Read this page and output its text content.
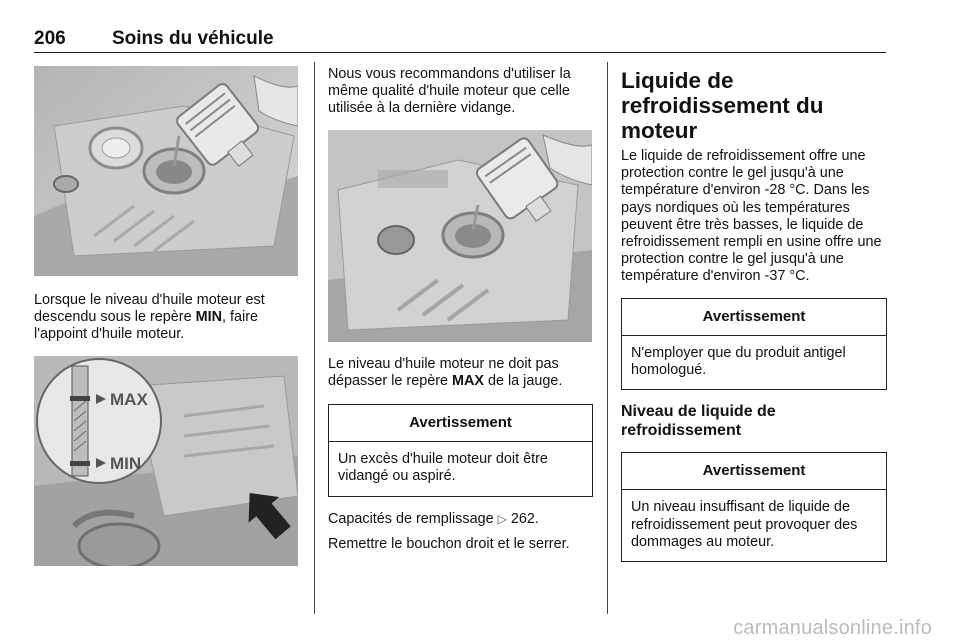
206 Soins du véhicule

Lorsque le niveau d'huile moteur est descendu sous le repère MIN, faire l'appoint d'huile moteur.

MAX
MIN

Nous vous recommandons d'utiliser la même qualité d'huile moteur que celle utilisée à la dernière vidange.

Le niveau d'huile moteur ne doit pas dépasser le repère MAX de la jauge.

Avertissement
Un excès d'huile moteur doit être vidangé ou aspiré.

Capacités de remplissage ▷ 262.

Remettre le bouchon droit et le serrer.

Liquide de refroidissement du moteur

Le liquide de refroidissement offre une protection contre le gel jusqu'à une température d'environ -28 °C. Dans les pays nordiques où les températures peuvent être très basses, le liquide de refroidissement rempli en usine offre une protection contre le gel jusqu'à une température d'environ -37 °C.

Avertissement
N'employer que du produit antigel homologué.
Niveau de liquide de refroidissement
Avertissement
Un niveau insuffisant de liquide de refroidissement peut provoquer des dommages au moteur.
carmanualsonline.info
